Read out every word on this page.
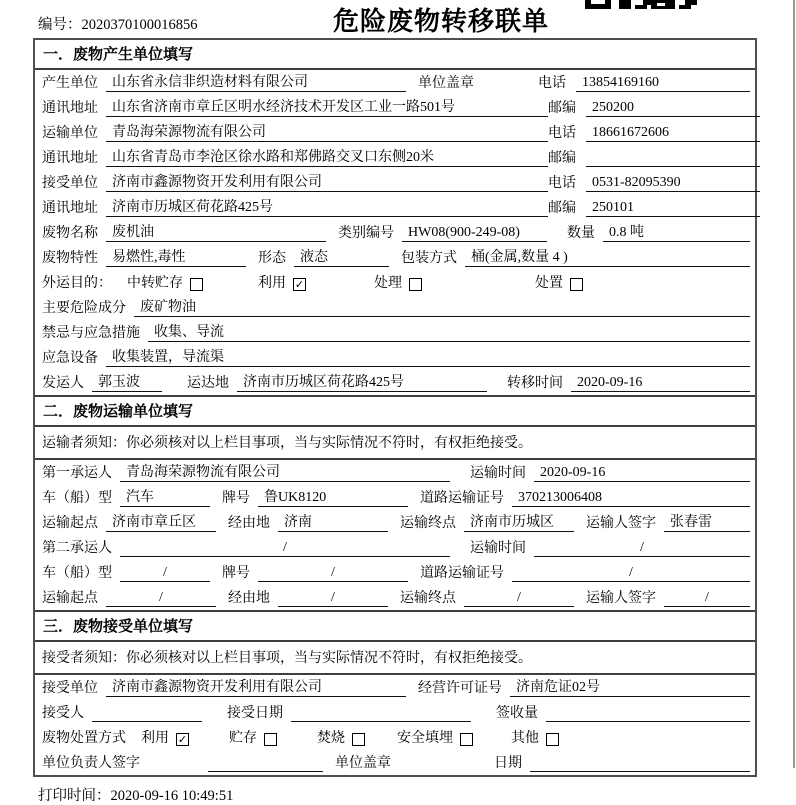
编号：2020370100016856	危险废物转移联单
一．废物产生单位填写
产生单位	山东省永信非织造材料有限公司	单位盖章	电话	13854169160
通讯地址	山东省济南市章丘区明水经济技术开发区工业一路501号	邮编	250200
运输单位	青岛海荣源物流有限公司	电话	18661672606
通讯地址	山东省青岛市李沧区徐水路和郑佛路交叉口东侧20米	邮编
接受单位	济南市鑫源物资开发利用有限公司	电话	0531-82095390
通讯地址	济南市历城区荷花路425号	邮编	250101
废物名称	废机油	类别编号	HW08(900-249-08)	数量	0.8 吨
废物特性	易燃性,毒性	形态	液态	包装方式	桶(金属,数量 4 )
外运目的： 中转贮存	利用 ✓	处理	处置
主要危险成分	废矿物油
禁忌与应急措施	收集、导流
应急设备	收集装置，导流渠
发运人	郭玉波	运达地	济南市历城区荷花路425号	转移时间	2020-09-16
二．废物运输单位填写
运输者须知：你必须核对以上栏目事项，当与实际情况不符时，有权拒绝接受。
第一承运人	青岛海荣源物流有限公司	运输时间	2020-09-16
车（船）型	汽车	牌号	鲁UK8120	道路运输证号	370213006408
运输起点	济南市章丘区	经由地	济南	运输终点	济南市历城区	运输人签字	张春雷
第二承运人	/	运输时间	/
车（船）型	/	牌号	/	道路运输证号	/
运输起点	/	经由地	/	运输终点	/	运输人签字	/
三．废物接受单位填写
接受者须知：你必须核对以上栏目事项，当与实际情况不符时，有权拒绝接受。
接受单位	济南市鑫源物资开发利用有限公司	经营许可证号	济南危证02号
接受人	接受日期	签收量
废物处置方式 利用 ✓	贮存	焚烧	安全填埋	其他
单位负责人签字	单位盖章	日期
打印时间：2020-09-16 10:49:51
